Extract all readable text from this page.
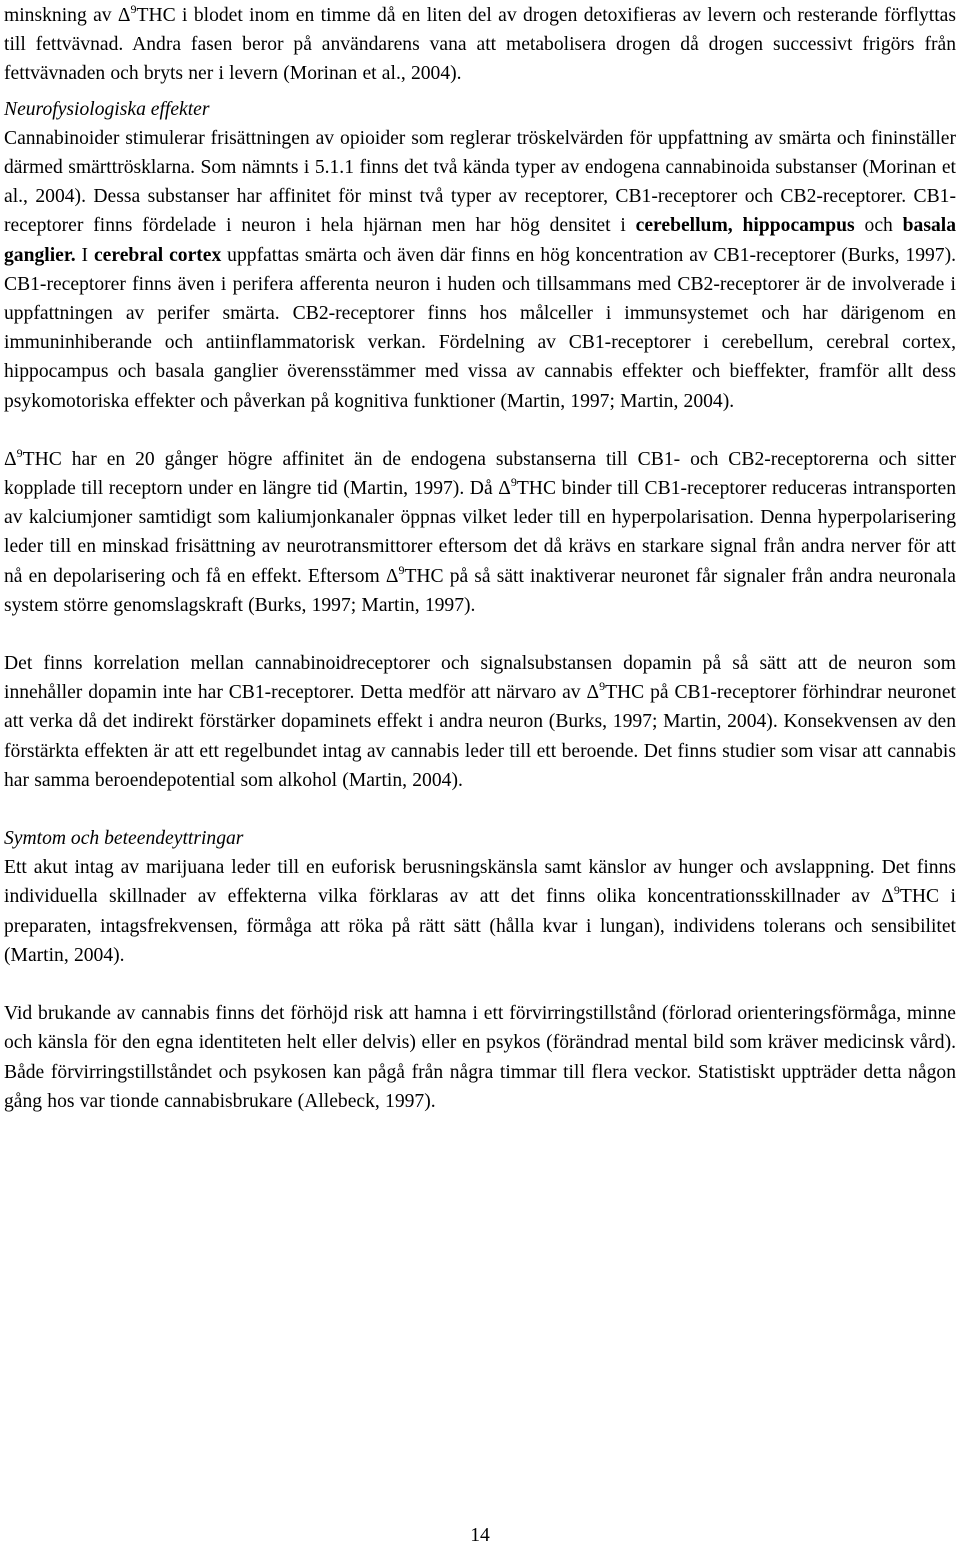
minskning av $\Delta^9THC$ i blodet inom en timme då en liten del av drogen detoxifieras av levern och resterande förflyttas till fettvävnad. Andra fasen beror på användarens vana att metabolisera drogen då drogen successivt frigörs från fettvävnaden och bryts ner i levern (Morinan et al., 2004).

Neurofysiologiska effekter

Cannabinoider stimulerar frisättningen av opioider som reglerar tröskelvärden för uppfattning av smärta och fininställer därmed smärttrösklarna. Som nämnts i 5.1.1 finns det två kända typer av endogena cannabinoida substanser (Morinan et al., 2004). Dessa substanser har affinitet för minst två typer av receptorer, CB1-receptorer och CB2-receptorer. CB1-receptorer finns fördelade i neuron i hela hjärnan men har hög densitet i cerebellum, hippocampus och basala ganglier. I cerebral cortex uppfattas smärta och även där finns en hög koncentration av CB1-receptorer (Burks, 1997). CB1-receptorer finns även i perifera afferenta neuron i huden och tillsammans med CB2-receptorer är de involverade i uppfattningen av perifer smärta. CB2-receptorer finns hos målceller i immunsystemet och har därigenom en immuninhiberande och antiinflammatorisk verkan. Fördelning av CB1-receptorer i cerebellum, cerebral cortex, hippocampus och basala ganglier överensstämmer med vissa av cannabis effekter och bieffekter, framför allt dess psykomotoriska effekter och påverkan på kognitiva funktioner (Martin, 1997; Martin, 2004).

$\Delta^9THC$ har en 20 gånger högre affinitet än de endogena substanserna till CB1- och CB2-receptorerna och sitter kopplade till receptorn under en längre tid (Martin, 1997). Då $\Delta^9THC$ binder till CB1-receptorer reduceras intransporten av kalciumjoner samtidigt som kaliumjonkanaler öppnas vilket leder till en hyperpolarisation. Denna hyperpolarisering leder till en minskad frisättning av neurotransmittorer eftersom det då krävs en starkare signal från andra nerver för att nå en depolarisering och få en effekt. Eftersom $\Delta^9THC$ på så sätt inaktiverar neuronet får signaler från andra neuronala system större genomslagskraft (Burks, 1997; Martin, 1997).

Det finns korrelation mellan cannabinoidreceptorer och signalsubstansen dopamin på så sätt att de neuron som innehåller dopamin inte har CB1-receptorer. Detta medför att närvaro av $\Delta^9THC$ på CB1-receptorer förhindrar neuronet att verka då det indirekt förstärker dopaminets effekt i andra neuron (Burks, 1997; Martin, 2004). Konsekvensen av den förstärkta effekten är att ett regelbundet intag av cannabis leder till ett beroende. Det finns studier som visar att cannabis har samma beroendepotential som alkohol (Martin, 2004).

Symtom och beteendeyttringar

Ett akut intag av marijuana leder till en euforisk berusningskänsla samt känslor av hunger och avslappning. Det finns individuella skillnader av effekterna vilka förklaras av att det finns olika koncentrationsskillnader av $\Delta^9THC$ i preparaten, intagsfrekvensen, förmåga att röka på rätt sätt (hålla kvar i lungan), individens tolerans och sensibilitet (Martin, 2004).

Vid brukande av cannabis finns det förhöjd risk att hamna i ett förvirringstillstånd (förlorad orienteringsförmåga, minne och känsla för den egna identiteten helt eller delvis) eller en psykos (förändrad mental bild som kräver medicinsk vård). Både förvirringstillståndet och psykosen kan pågå från några timmar till flera veckor. Statistiskt uppträder detta någon gång hos var tionde cannabisbrukare (Allebeck, 1997).

14
